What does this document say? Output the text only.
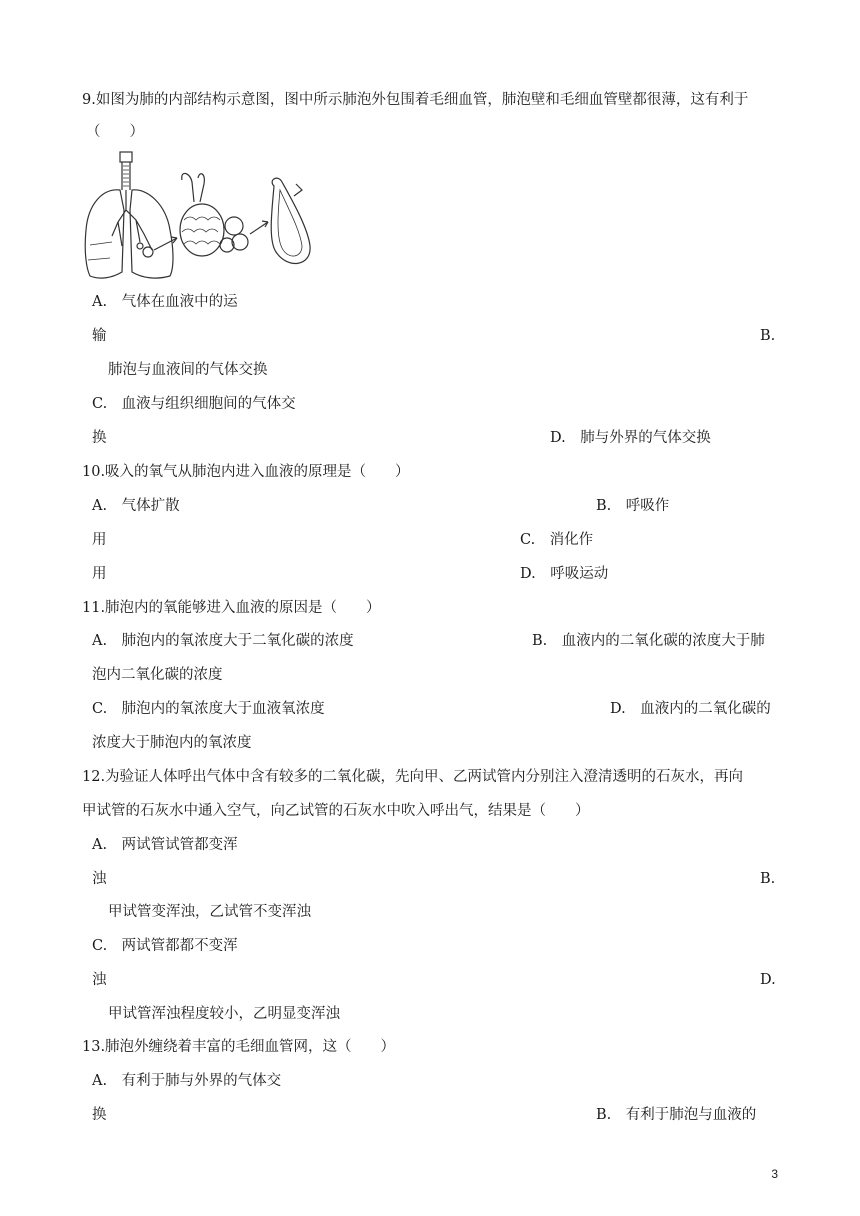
9.如图为肺的内部结构示意图，图中所示肺泡外包围着毛细血管，肺泡壁和毛细血管壁都很薄，这有利于
（　　）
A.　气体在血液中的运
输	B.
肺泡与血液间的气体交换
C.　血液与组织细胞间的气体交
换	D.　肺与外界的气体交换
10.吸入的氧气从肺泡内进入血液的原理是（　　）
A.　气体扩散	B.　呼吸作
用	C.　消化作
用	D.　呼吸运动
11.肺泡内的氧能够进入血液的原因是（　　）
A.　肺泡内的氧浓度大于二氧化碳的浓度	B.　血液内的二氧化碳的浓度大于肺
泡内二氧化碳的浓度
C.　肺泡内的氧浓度大于血液氧浓度	D.　血液内的二氧化碳的
浓度大于肺泡内的氧浓度
12.为验证人体呼出气体中含有较多的二氧化碳，先向甲、乙两试管内分别注入澄清透明的石灰水，再向
甲试管的石灰水中通入空气，向乙试管的石灰水中吹入呼出气，结果是（　　）
A.　两试管试管都变浑
浊	B.
甲试管变浑浊，乙试管不变浑浊
C.　两试管都都不变浑
浊	D.
甲试管浑浊程度较小，乙明显变浑浊
13.肺泡外缠绕着丰富的毛细血管网，这（　　）
A.　有利于肺与外界的气体交
换	B.　有利于肺泡与血液的
3
